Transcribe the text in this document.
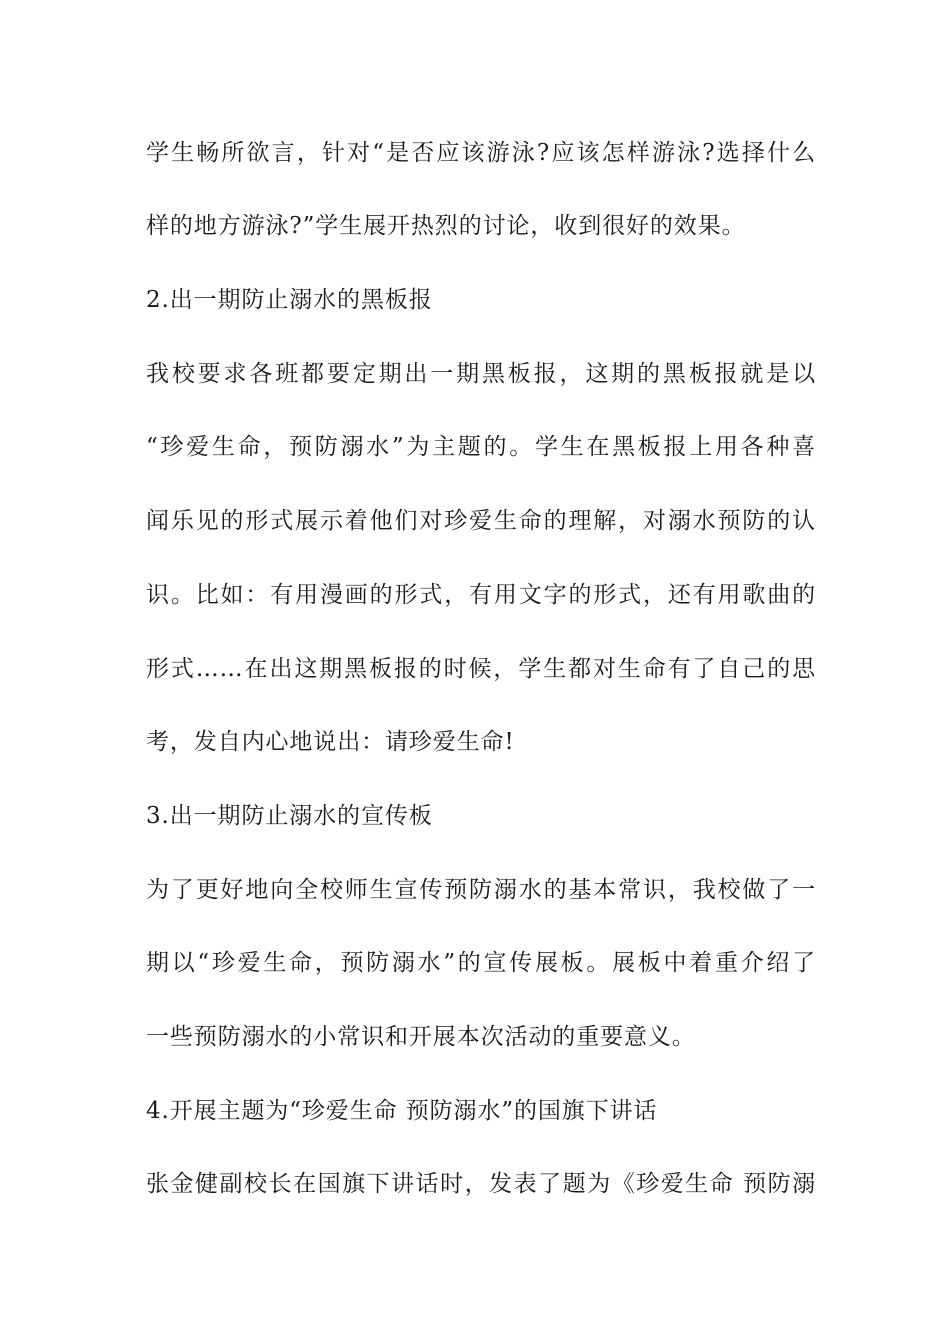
学生畅所欲言，针对“是否应该游泳?应该怎样游泳?选择什么
样的地方游泳?”学生展开热烈的讨论，收到很好的效果。
2.出一期防止溺水的黑板报
我校要求各班都要定期出一期黑板报，这期的黑板报就是以
“珍爱生命，预防溺水”为主题的。学生在黑板报上用各种喜
闻乐见的形式展示着他们对珍爱生命的理解，对溺水预防的认
识。比如：有用漫画的形式，有用文字的形式，还有用歌曲的
形式……在出这期黑板报的时候，学生都对生命有了自己的思
考，发自内心地说出：请珍爱生命!
3.出一期防止溺水的宣传板
为了更好地向全校师生宣传预防溺水的基本常识，我校做了一
期以“珍爱生命，预防溺水”的宣传展板。展板中着重介绍了
一些预防溺水的小常识和开展本次活动的重要意义。
4.开展主题为“珍爱生命 预防溺水”的国旗下讲话
张金健副校长在国旗下讲话时，发表了题为《珍爱生命 预防溺
